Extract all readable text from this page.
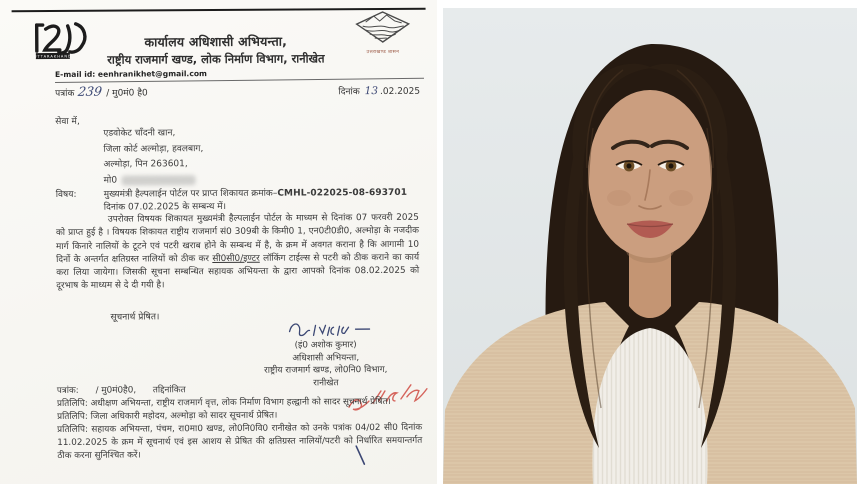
UTTARAKHAND
कार्यालय अधिशासी अभियन्ता,
राष्ट्रीय राजमार्ग खण्ड, लोक निर्माण विभाग, रानीखेत	उत्तराखण्ड शासन
E-mail id: eenhranikhet@gmail.com
पत्रांक 239 / मु0मं0 है0	दिनांक 13 .02.2025
सेवा में,
एडवोकेट चाँदनी खान,
जिला कोर्ट अल्मोड़ा, हवलबाग,
अल्मोड़ा, पिन 263601,
मो0
विषय:	मुख्यमंत्री हैल्पलाईन पोर्टल पर प्राप्त शिकायत क्रमांक–CMHL-022025-08-693701 दिनांक 07.02.2025 के सम्बन्ध में।

उपरोक्त विषयक शिकायत मुख्यमंत्री हैल्पलाईन पोर्टल के माध्यम से दिनांक 07 फरवरी 2025 को प्राप्त हुई है । विषयक शिकायत राष्ट्रीय राजमार्ग सं0 309बी के किमी0 1, एन0टी0डी0, अल्मोड़ा के नजदीक मार्ग किनारे नालियों के टूटने एवं पटरी खराब होने के सम्बन्ध में है, के क्रम में अवगत कराना है कि आगामी 10 दिनों के अन्तर्गत क्षतिग्रस्त नालियों को ठीक कर सी0सी0/इण्टर लॉकिंग टाईल्स से पटरी को ठीक कराने का कार्य करा लिया जायेगा। जिसकी सूचना सम्बन्धित सहायक अभियन्ता के द्वारा आपको दिनांक 08.02.2025 को दूरभाष के माध्यम से दे दी गयी है।

सूचनार्थ प्रेषित।
(इं0 अशोक कुमार)
अधिशासी अभियन्ता,
राष्ट्रीय राजमार्ग खण्ड, लो0नि0 विभाग,
रानीखेत
पत्रांक: / मु0मं0है0, तद्दिनांकित

प्रतिलिपि: अधीक्षण अभियन्ता, राष्ट्रीय राजमार्ग वृत्त, लोक निर्माण विभाग हल्द्वानी को सादर सूचनार्थ प्रेषित।

प्रतिलिपि: जिला अधिकारी महोदय, अल्मोड़ा को सादर सूचनार्थ प्रेषित।

प्रतिलिपि: सहायक अभियन्ता, पंचम, रा0मा0 खण्ड, लो0नि0वि0 रानीखेत को उनके पत्रांक 04/02 सी0 दिनांक 11.02.2025 के क्रम में सूचनार्थ एवं इस आशय से प्रेषित की क्षतिग्रस्त नालियों/पटरी को निर्धारित समयान्तर्गत ठीक करना सुनिश्चित करें।
